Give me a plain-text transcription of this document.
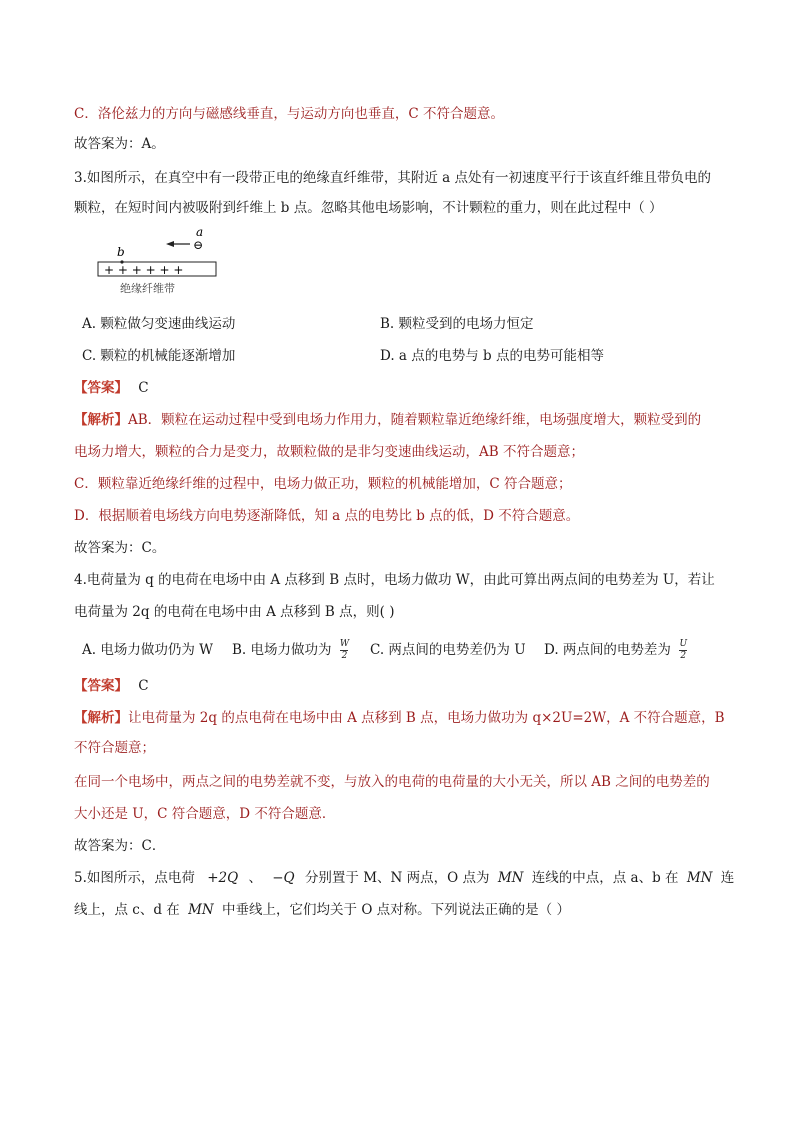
C．洛伦兹力的方向与磁感线垂直，与运动方向也垂直，C 不符合题意。
故答案为：A。
3.如图所示，在真空中有一段带正电的绝缘直纤维带，其附近 a 点处有一初速度平行于该直纤维且带负电的
颗粒，在短时间内被吸附到纤维上 b 点。忽略其他电场影响，不计颗粒的重力，则在此过程中（ ）
a
⊖
b
+ + + + + +
绝缘纤维带
A. 颗粒做匀变速曲线运动	B. 颗粒受到的电场力恒定
C. 颗粒的机械能逐渐增加	D. a 点的电势与 b 点的电势可能相等
【答案】 C
【解析】AB．颗粒在运动过程中受到电场力作用力，随着颗粒靠近绝缘纤维，电场强度增大，颗粒受到的
电场力增大，颗粒的合力是变力，故颗粒做的是非匀变速曲线运动，AB 不符合题意；
C．颗粒靠近绝缘纤维的过程中，电场力做正功，颗粒的机械能增加，C 符合题意；
D．根据顺着电场线方向电势逐渐降低，知 a 点的电势比 b 点的低，D 不符合题意。
故答案为：C。
4.电荷量为 q 的电荷在电场中由 A 点移到 B 点时，电场力做功 W，由此可算出两点间的电势差为 U，若让
电荷量为 2q 的电荷在电场中由 A 点移到 B 点，则( )
A. 电场力做功仍为 W B. 电场力做功为 $\frac{W}{2} C$. 两点间的电势差仍为 U D. 两点间的电势差为 $\frac{U}{2}$
【答案】 C
【解析】让电荷量为 2q 的点电荷在电场中由 A 点移到 B 点，电场力做功为 q×2U=2W，A 不符合题意，B
不符合题意；
在同一个电场中，两点之间的电势差就不变，与放入的电荷的电荷量的大小无关，所以 AB 之间的电势差的
大小还是 U，C 符合题意，D 不符合题意．
故答案为：C．
5.如图所示，点电荷 +2Q 、 −Q 分别置于 M、N 两点，O 点为 MN 连线的中点，点 a、b 在 MN 连
线上，点 c、d 在 MN 中垂线上，它们均关于 O 点对称。下列说法正确的是（ ）
